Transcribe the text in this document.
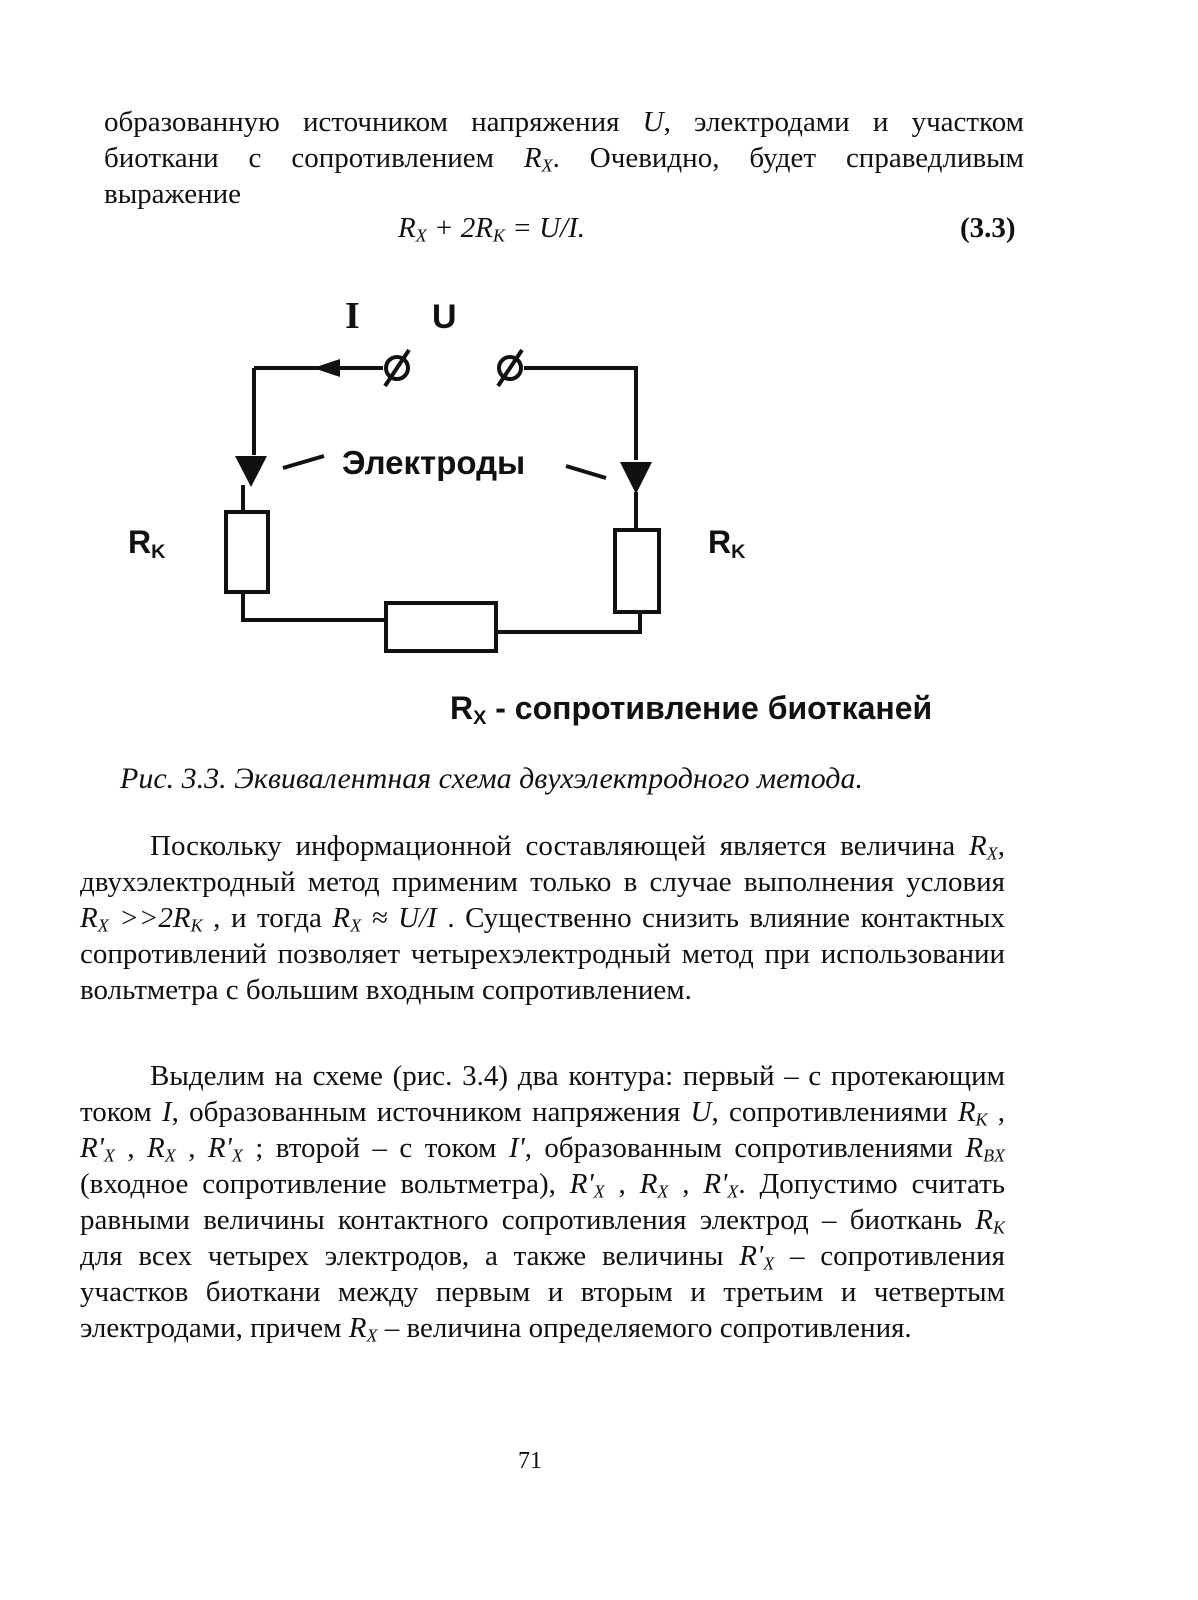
образованную источником напряжения U, электродами и участком биоткани с сопротивлением $R_X$. Очевидно, будет справедливым выражение

$R_X + 2R_K = U/I$.	(3.3)
I U
Электроды
$R_K$	$R_K$
$R_X$ - сопротивление биотканей

Рис. 3.3. Эквивалентная схема двухэлектродного метода.

Поскольку информационной составляющей является величина $R_X$, двухэлектродный метод применим только в случае выполнения условия $R_X >>2R_K$ , и тогда $R_X \approx U/I$ . Существенно снизить влияние контактных сопротивлений позволяет четырехэлектродный метод при использовании вольтметра с большим входным сопротивлением.

Выделим на схеме (рис. 3.4) два контура: первый – с протекающим током I, образованным источником напряжения U, сопротивлениями $R_K$ , $R'_X$ , $R_X$ , $R'_X$ ; второй – с током I', образованным сопротивлениями $R_{BX}$ (входное сопротивление вольтметра), $R'_X$ , $R_X$ , $R'_X$. Допустимо считать равными величины контактного сопротивления электрод – биоткань $R_K$ для всех четырех электродов, а также величины $R'_X$ – сопротивления участков биоткани между первым и вторым и третьим и четвертым электродами, причем $R_X$ – величина определяемого сопротивления.

71
